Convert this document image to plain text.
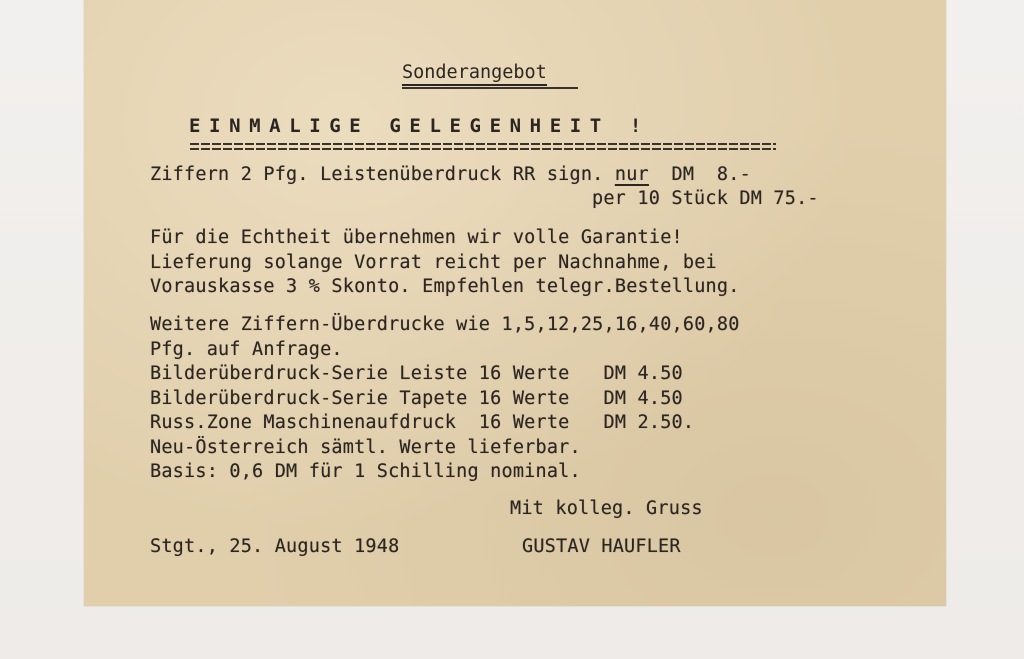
Sonderangebot
EINMALIGE GELEGENHEIT !
Ziffern 2 Pfg. Leistenüberdruck RR sign. nur  DM  8.-
per 10 Stück DM 75.-
Für die Echtheit übernehmen wir volle Garantie!
Lieferung solange Vorrat reicht per Nachnahme, bei
Vorauskasse 3 % Skonto. Empfehlen telegr.Bestellung.
Weitere Ziffern-Überdrucke wie 1,5,12,25,16,40,60,80
Pfg. auf Anfrage.
Bilderüberdruck-Serie Leiste 16 Werte   DM 4.50
Bilderüberdruck-Serie Tapete 16 Werte   DM 4.50
Russ.Zone Maschinenaufdruck  16 Werte   DM 2.50.
Neu-Österreich sämtl. Werte lieferbar.
Basis: 0,6 DM für 1 Schilling nominal.
Mit kolleg. Gruss
Stgt., 25. August 1948	GUSTAV HAUFLER
